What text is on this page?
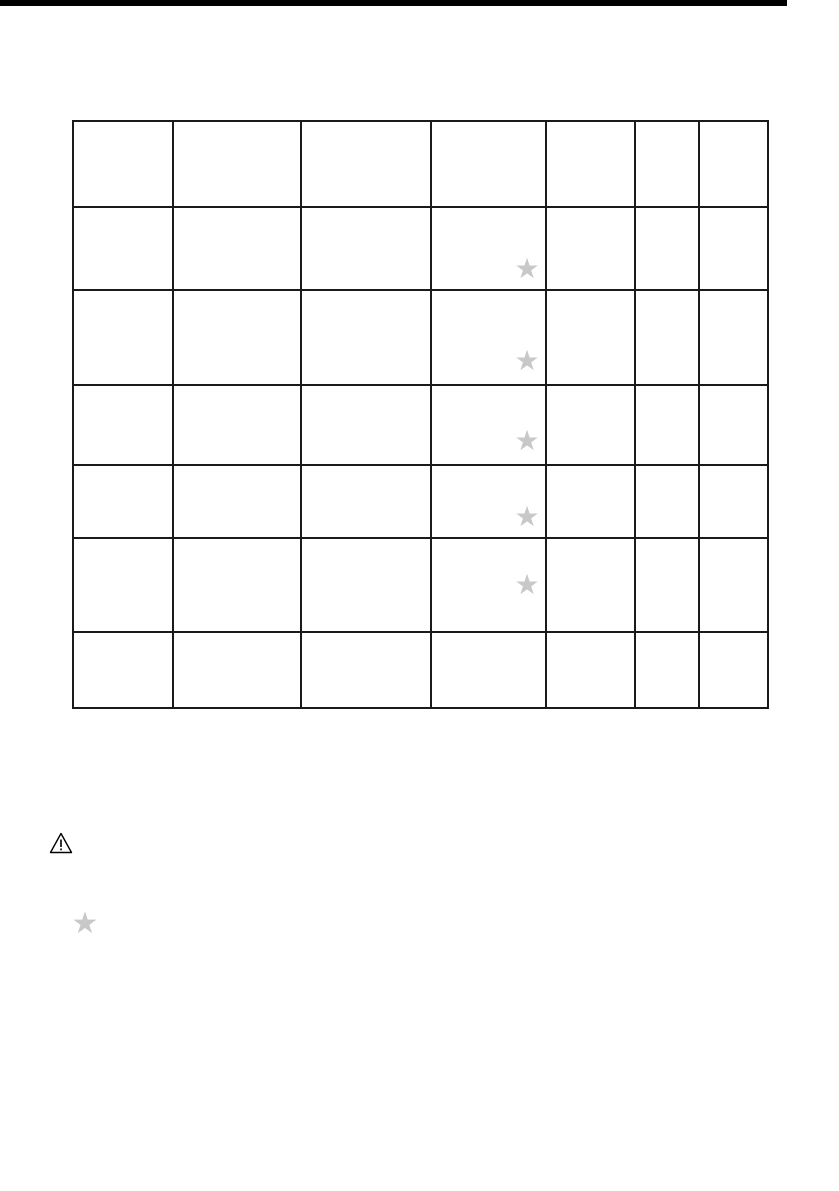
★
★
★
★
★
★
